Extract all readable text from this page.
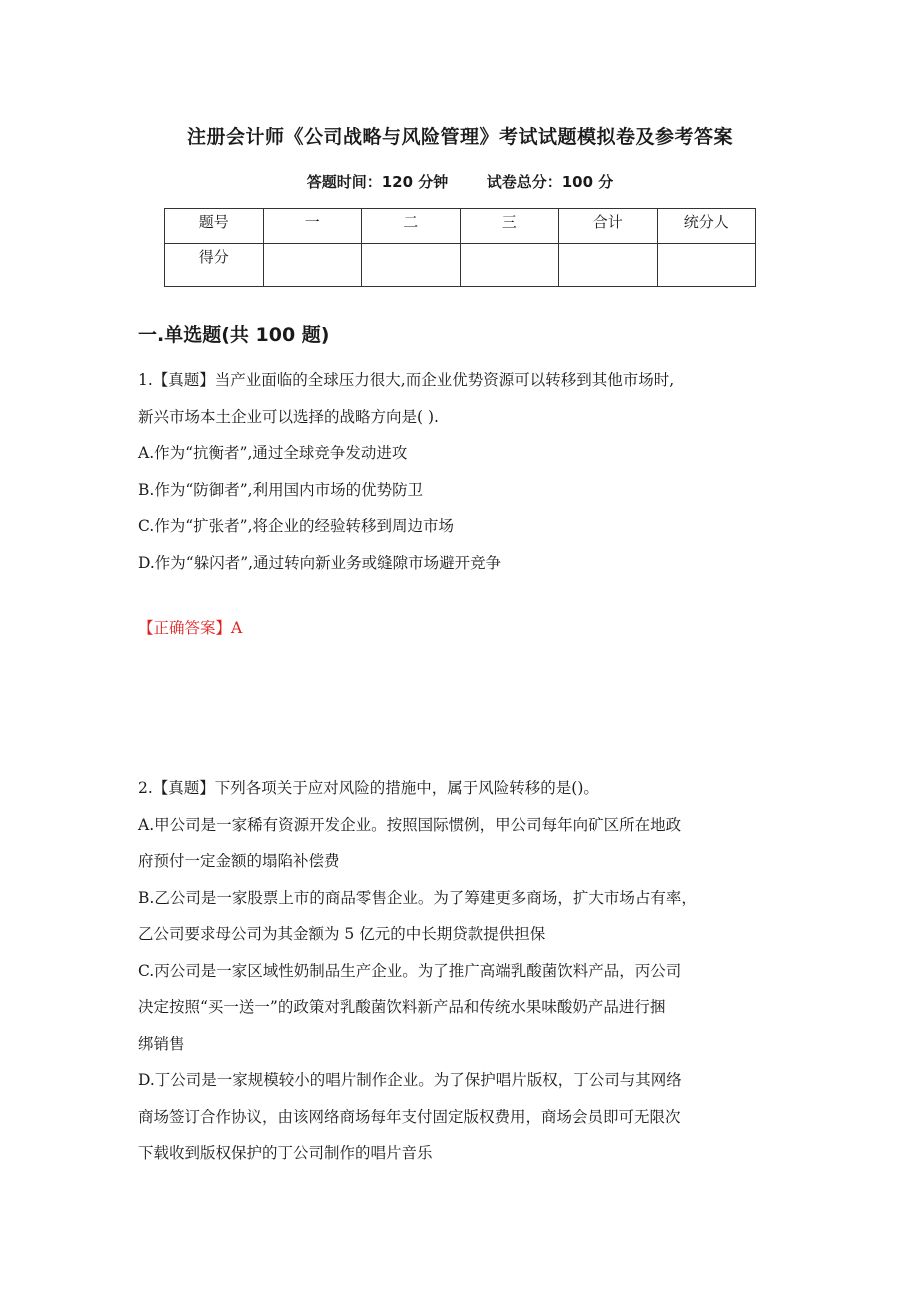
注册会计师《公司战略与风险管理》考试试题模拟卷及参考答案
答题时间：120 分钟	试卷总分：100 分
题号	一	二	三	合计	统分人
得分					
一.单选题(共 100 题)

1.【真题】当产业面临的全球压力很大,而企业优势资源可以转移到其他市场时,

新兴市场本土企业可以选择的战略方向是( ).

A.作为“抗衡者”,通过全球竞争发动进攻

B.作为“防御者”,利用国内市场的优势防卫

C.作为“扩张者”,将企业的经验转移到周边市场

D.作为“躲闪者”,通过转向新业务或缝隙市场避开竞争

【正确答案】A

2.【真题】下列各项关于应对风险的措施中，属于风险转移的是()。

A.甲公司是一家稀有资源开发企业。按照国际惯例，甲公司每年向矿区所在地政

府预付一定金额的塌陷补偿费

B.乙公司是一家股票上市的商品零售企业。为了筹建更多商场，扩大市场占有率，

乙公司要求母公司为其金额为 5 亿元的中长期贷款提供担保

C.丙公司是一家区域性奶制品生产企业。为了推广高端乳酸菌饮料产品，丙公司

决定按照“买一送一”的政策对乳酸菌饮料新产品和传统水果味酸奶产品进行捆

绑销售

D.丁公司是一家规模较小的唱片制作企业。为了保护唱片版权，丁公司与其网络

商场签订合作协议，由该网络商场每年支付固定版权费用，商场会员即可无限次

下载收到版权保护的丁公司制作的唱片音乐
